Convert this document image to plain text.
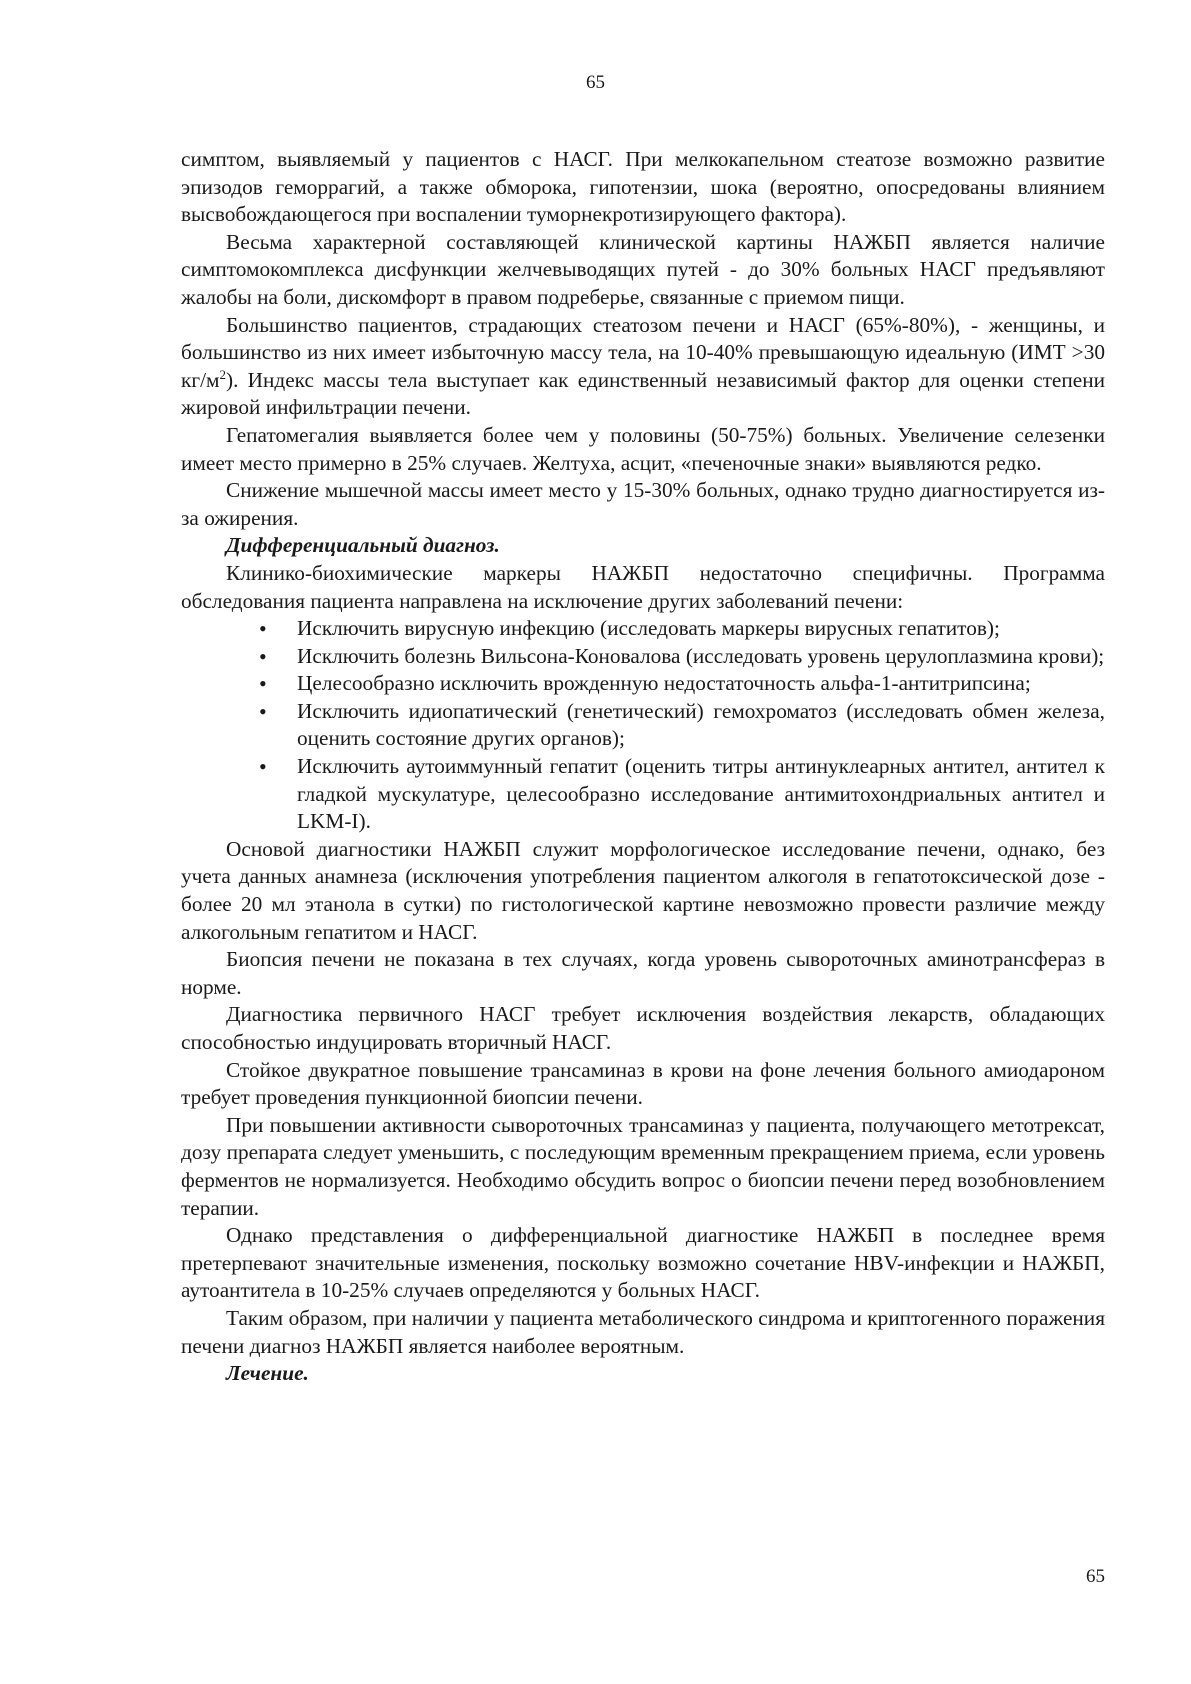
65

симптом, выявляемый у пациентов с НАСГ. При мелкокапельном стеатозе возможно развитие эпизодов геморрагий, а также обморока, гипотензии, шока (вероятно, опосредованы влиянием высвобождающегося при воспалении туморнекротизирующего фактора).

Весьма характерной составляющей клинической картины НАЖБП является наличие симптомокомплекса дисфункции желчевыводящих путей - до 30% больных НАСГ предъявляют жалобы на боли, дискомфорт в правом подреберье, связанные с приемом пищи.

Большинство пациентов, страдающих стеатозом печени и НАСГ (65%-80%), - женщины, и большинство из них имеет избыточную массу тела, на 10-40% превышающую идеальную (ИМТ >30 $кг/м^2$). Индекс массы тела выступает как единственный независимый фактор для оценки степени жировой инфильтрации печени.

Гепатомегалия выявляется более чем у половины (50-75%) больных. Увеличение селезенки имеет место примерно в 25% случаев. Желтуха, асцит, «печеночные знаки» выявляются редко.

Снижение мышечной массы имеет место у 15-30% больных, однако трудно диагностируется из-за ожирения.

Дифференциальный диагноз.

Клинико-биохимические маркеры НАЖБП недостаточно специфичны. Программа обследования пациента направлена на исключение других заболеваний печени:

• Исключить вирусную инфекцию (исследовать маркеры вирусных гепатитов);
• Исключить болезнь Вильсона-Коновалова (исследовать уровень церулоплазмина крови);
• Целесообразно исключить врожденную недостаточность альфа-1-антитрипсина;
• Исключить идиопатический (генетический) гемохроматоз (исследовать обмен железа, оценить состояние других органов);
• Исключить аутоиммунный гепатит (оценить титры антинуклеарных антител, антител к гладкой мускулатуре, целесообразно исследование антимитохондриальных антител и LKM-I).

Основой диагностики НАЖБП служит морфологическое исследование печени, однако, без учета данных анамнеза (исключения употребления пациентом алкоголя в гепатотоксической дозе - более 20 мл этанола в сутки) по гистологической картине невозможно провести различие между алкогольным гепатитом и НАСГ.

Биопсия печени не показана в тех случаях, когда уровень сывороточных аминотрансфераз в норме.

Диагностика первичного НАСГ требует исключения воздействия лекарств, обладающих способностью индуцировать вторичный НАСГ.

Стойкое двукратное повышение трансаминаз в крови на фоне лечения больного амиодароном требует проведения пункционной биопсии печени.

При повышении активности сывороточных трансаминаз у пациента, получающего метотрексат, дозу препарата следует уменьшить, с последующим временным прекращением приема, если уровень ферментов не нормализуется. Необходимо обсудить вопрос о биопсии печени перед возобновлением терапии.

Однако представления о дифференциальной диагностике НАЖБП в последнее время претерпевают значительные изменения, поскольку возможно сочетание HBV-инфекции и НАЖБП, аутоантитела в 10-25% случаев определяются у больных НАСГ.

Таким образом, при наличии у пациента метаболического синдрома и криптогенного поражения печени диагноз НАЖБП является наиболее вероятным.

Лечение.

65
